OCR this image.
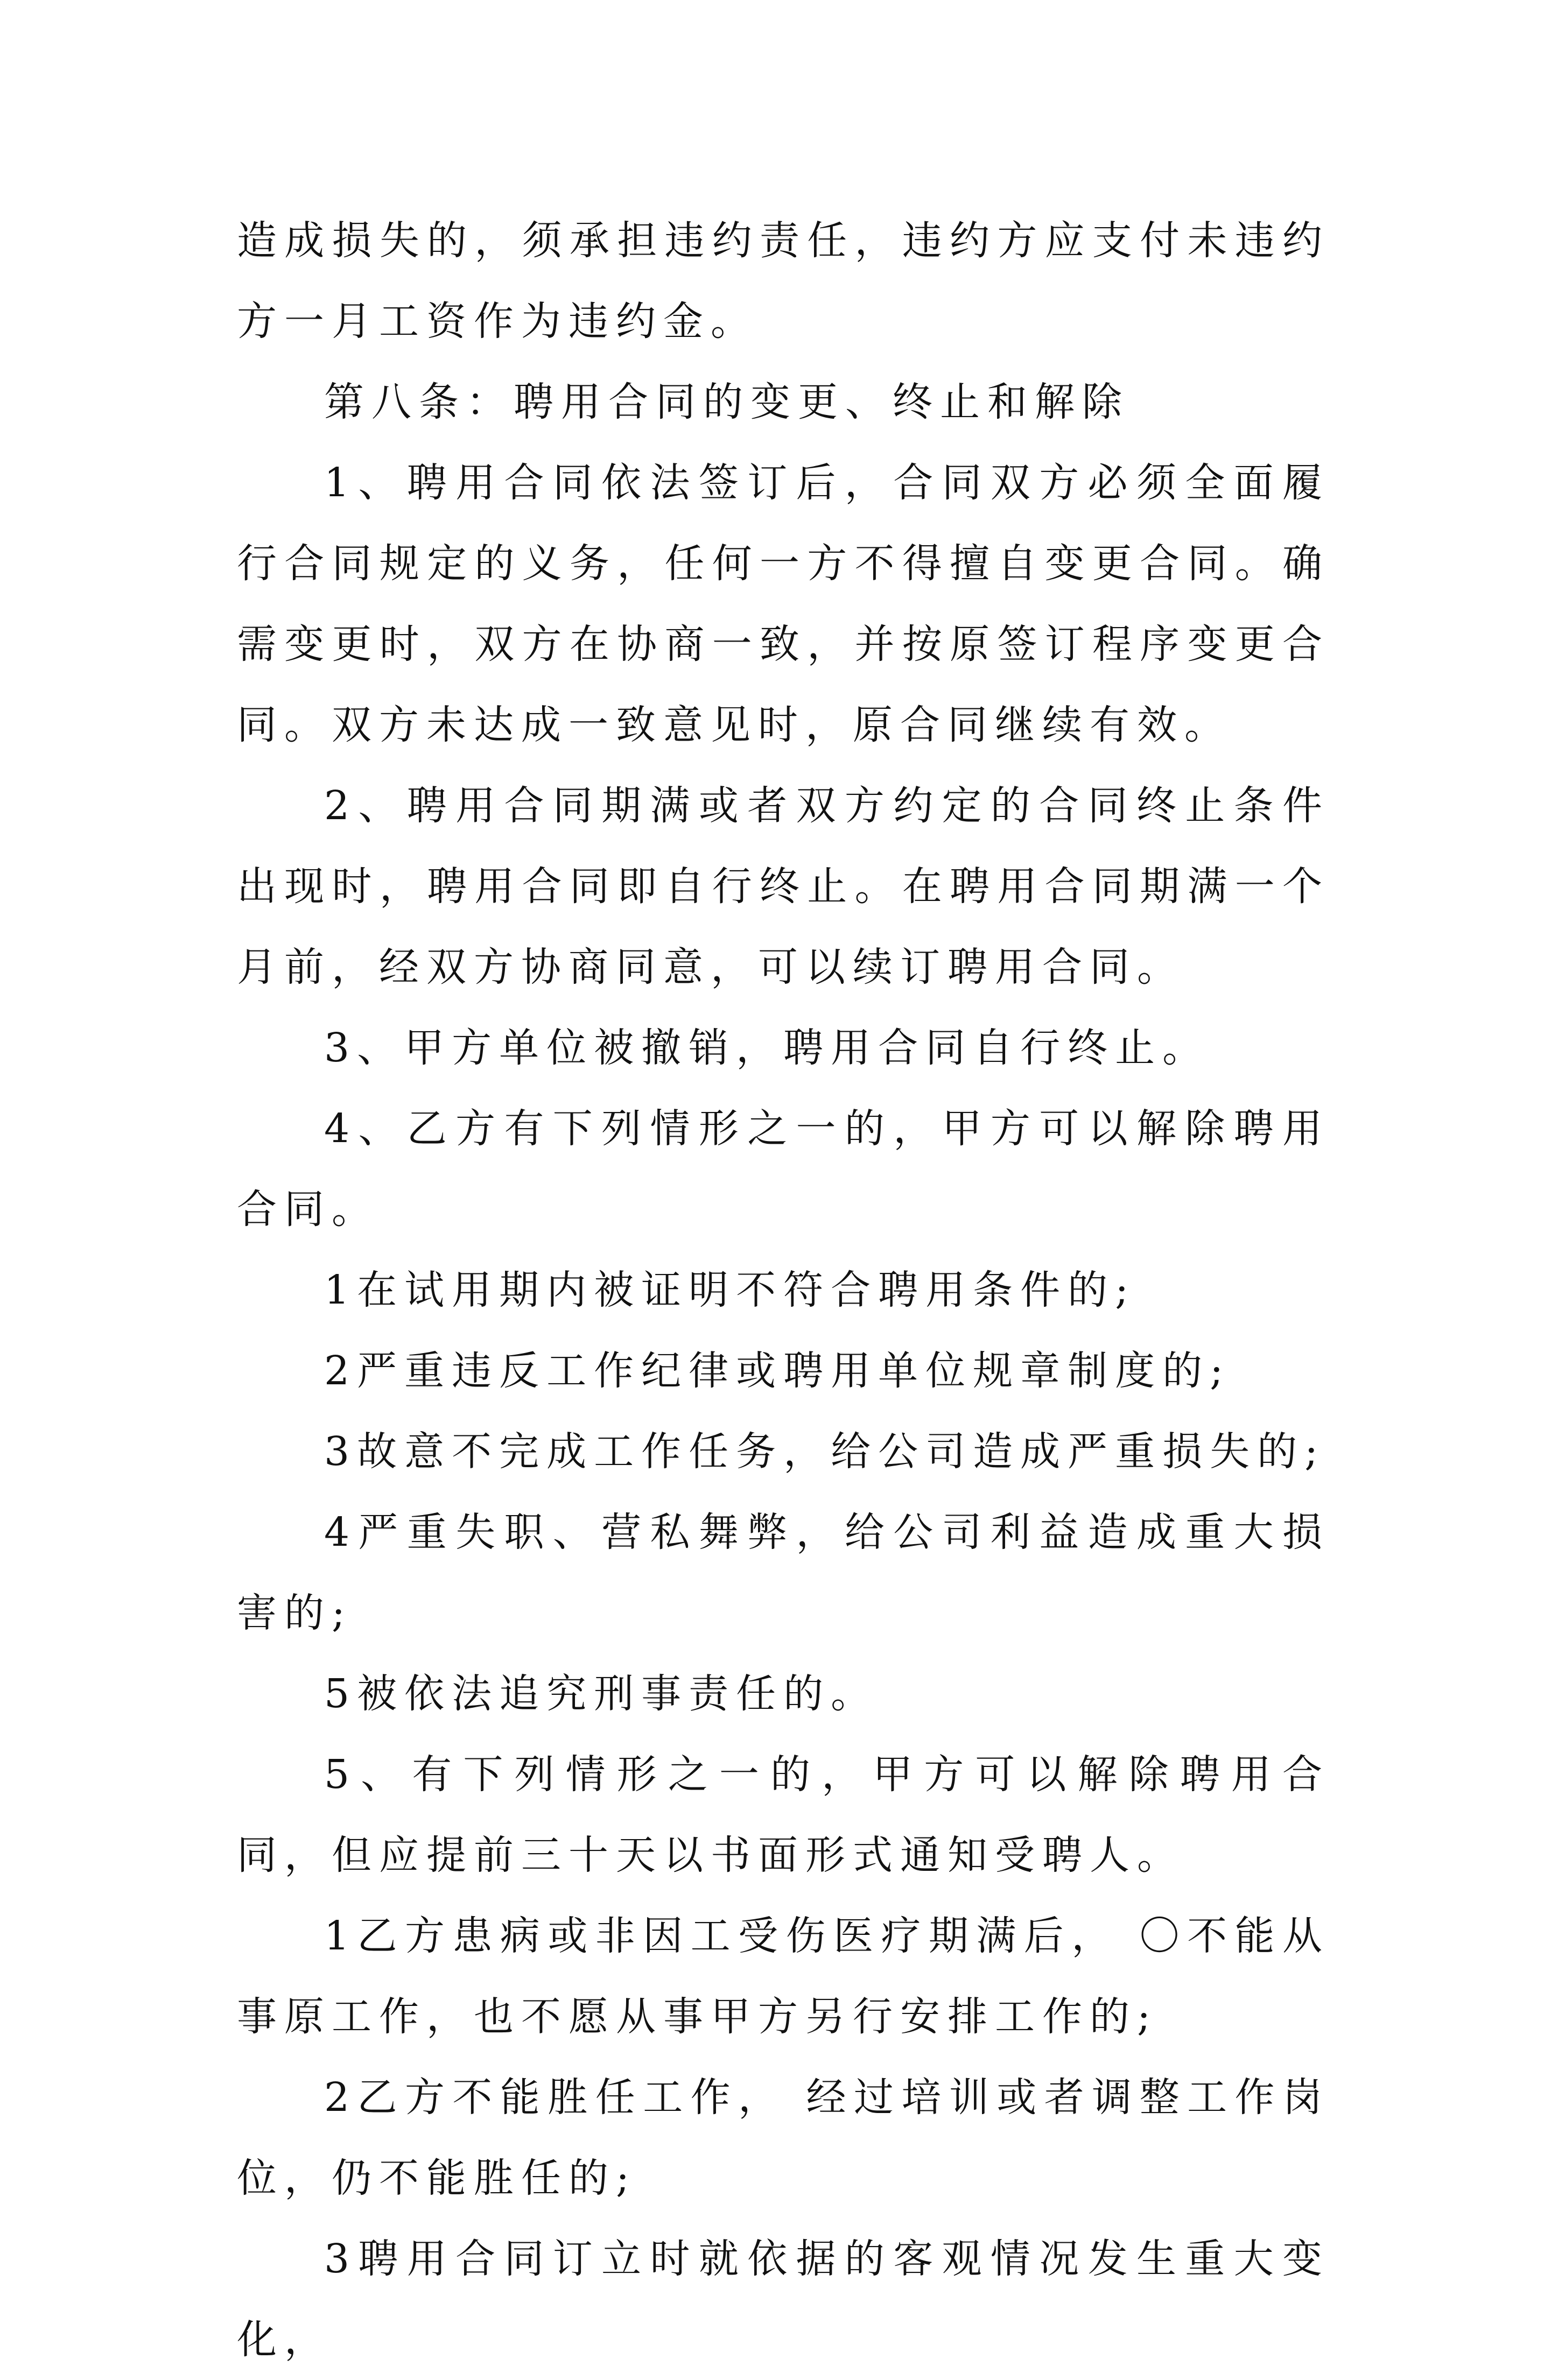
造成损失的，须承担违约责任，违约方应支付未违约方一月工资作为违约金。

第八条：聘用合同的变更、终止和解除

1、聘用合同依法签订后，合同双方必须全面履行合同规定的义务，任何一方不得擅自变更合同。确需变更时，双方在协商一致，并按原签订程序变更合同。双方未达成一致意见时，原合同继续有效。

2、聘用合同期满或者双方约定的合同终止条件出现时，聘用合同即自行终止。在聘用合同期满一个月前，经双方协商同意，可以续订聘用合同。

3、甲方单位被撤销，聘用合同自行终止。

4、乙方有下列情形之一的，甲方可以解除聘用合同。

1在试用期内被证明不符合聘用条件的;

2严重违反工作纪律或聘用单位规章制度的;

3故意不完成工作任务，给公司造成严重损失的;

4严重失职、营私舞弊，给公司利益造成重大损害的;

5被依法追究刑事责任的。

5、有下列情形之一的，甲方可以解除聘用合同，但应提前三十天以书面形式通知受聘人。

1乙方患病或非因工受伤医疗期满后， 〇不能从事原工作，也不愿从事甲方另行安排工作的;

2乙方不能胜任工作， 经过培训或者调整工作岗位，仍不能胜任的;

3聘用合同订立时就依据的客观情况发生重大变化，
